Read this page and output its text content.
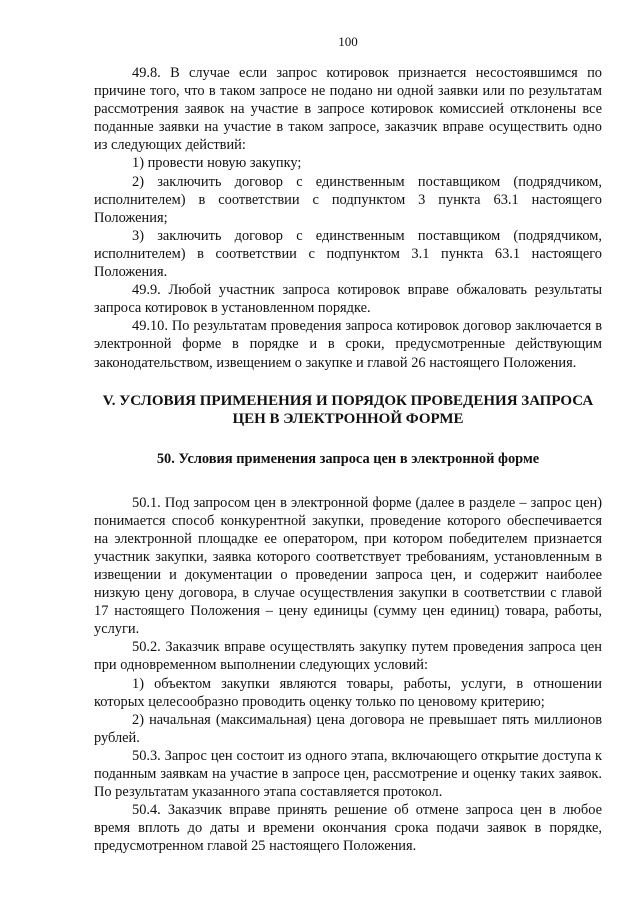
100

49.8. В случае если запрос котировок признается несостоявшимся по причине того, что в таком запросе не подано ни одной заявки или по результатам рассмотрения заявок на участие в запросе котировок комиссией отклонены все поданные заявки на участие в таком запросе, заказчик вправе осуществить одно из следующих действий:

1) провести новую закупку;

2) заключить договор с единственным поставщиком (подрядчиком, исполнителем) в соответствии с подпунктом 3 пункта 63.1 настоящего Положения;

3) заключить договор с единственным поставщиком (подрядчиком, исполнителем) в соответствии с подпунктом 3.1 пункта 63.1 настоящего Положения.

49.9. Любой участник запроса котировок вправе обжаловать результаты запроса котировок в установленном порядке.

49.10. По результатам проведения запроса котировок договор заключается в электронной форме в порядке и в сроки, предусмотренные действующим законодательством, извещением о закупке и главой 26 настоящего Положения.

V. УСЛОВИЯ ПРИМЕНЕНИЯ И ПОРЯДОК ПРОВЕДЕНИЯ ЗАПРОСА
ЦЕН В ЭЛЕКТРОННОЙ ФОРМЕ
50. Условия применения запроса цен в электронной форме

50.1. Под запросом цен в электронной форме (далее в разделе – запрос цен) понимается способ конкурентной закупки, проведение которого обеспечивается на электронной площадке ее оператором, при котором победителем признается участник закупки, заявка которого соответствует требованиям, установленным в извещении и документации о проведении запроса цен, и содержит наиболее низкую цену договора, в случае осуществления закупки в соответствии с главой 17 настоящего Положения – цену единицы (сумму цен единиц) товара, работы, услуги.

50.2. Заказчик вправе осуществлять закупку путем проведения запроса цен при одновременном выполнении следующих условий:

1) объектом закупки являются товары, работы, услуги, в отношении которых целесообразно проводить оценку только по ценовому критерию;

2) начальная (максимальная) цена договора не превышает пять миллионов рублей.

50.3. Запрос цен состоит из одного этапа, включающего открытие доступа к поданным заявкам на участие в запросе цен, рассмотрение и оценку таких заявок. По результатам указанного этапа составляется протокол.

50.4. Заказчик вправе принять решение об отмене запроса цен в любое время вплоть до даты и времени окончания срока подачи заявок в порядке, предусмотренном главой 25 настоящего Положения.
